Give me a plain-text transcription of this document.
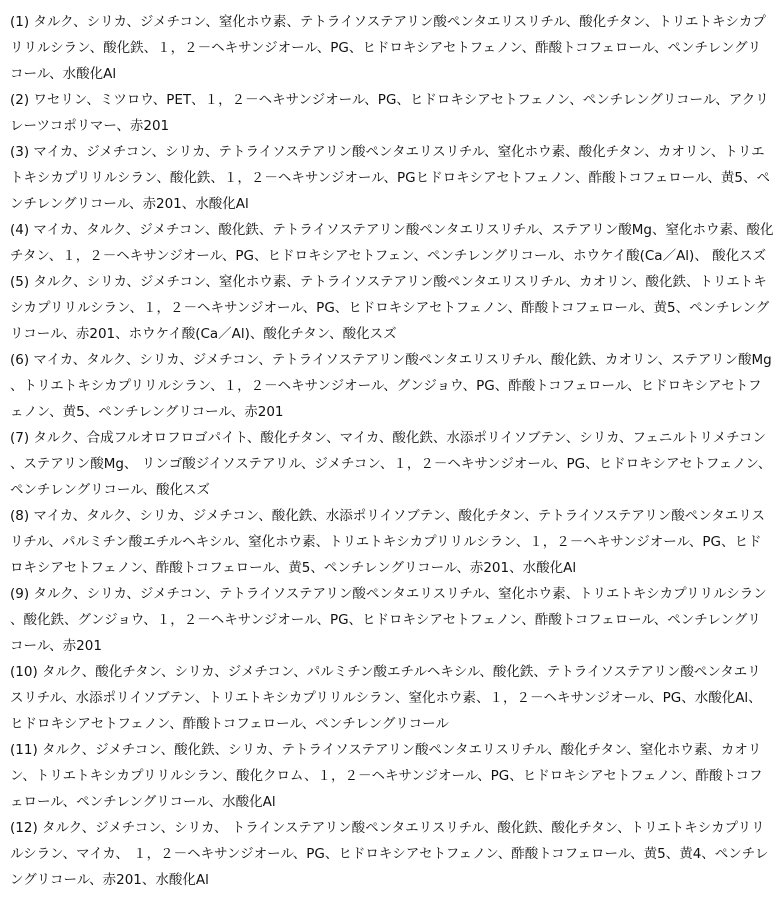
(1) タルク、シリカ、ジメチコン、窒化ホウ素、テトライソステアリン酸ペンタエリスリチル、酸化チタン、トリエトキシカプリリルシラン、酸化鉄、１，２－ヘキサンジオール、PG、ヒドロキシアセトフェノン、酢酸トコフェロール、ペンチレングリコール、水酸化Al

(2) ワセリン、ミツロウ、PET、１，２－ヘキサンジオール、PG、ヒドロキシアセトフェノン、ペンチレングリコール、アクリレーツコポリマー、赤201

(3) マイカ、ジメチコン、シリカ、テトライソステアリン酸ペンタエリスリチル、窒化ホウ素、酸化チタン、カオリン、トリエトキシカプリリルシラン、酸化鉄、１，２－ヘキサンジオール、PGヒドロキシアセトフェノン、酢酸トコフェロール、黄5、ペンチレングリコール、赤201、水酸化Al

(4) マイカ、タルク、ジメチコン、酸化鉄、テトライソステアリン酸ペンタエリスリチル、ステアリン酸Mg、窒化ホウ素、酸化チタン、１，２－ヘキサンジオール、PG、ヒドロキシアセトフェン、ペンチレングリコール、ホウケイ酸(Ca／Al)、 酸化スズ

(5) タルク、シリカ、ジメチコン、窒化ホウ素、テトライソステアリン酸ペンタエリスリチル、カオリン、酸化鉄、トリエトキシカプリリルシラン、１，２－ヘキサンジオール、PG、ヒドロキシアセトフェノン、酢酸トコフェロール、黄5、ペンチレングリコール、赤201、ホウケイ酸(Ca／Al)、酸化チタン、酸化スズ

(6) マイカ、タルク、シリカ、ジメチコン、テトライソステアリン酸ペンタエリスリチル、酸化鉄、カオリン、ステアリン酸Mg、トリエトキシカプリリルシラン、１，２－ヘキサンジオール、グンジョウ、PG、酢酸トコフェロール、ヒドロキシアセトフェノン、黄5、ペンチレングリコール、赤201

(7) タルク、合成フルオロフロゴパイト、酸化チタン、マイカ、酸化鉄、水添ポリイソブテン、シリカ、フェニルトリメチコン、ステアリン酸Mg、 リンゴ酸ジイソステアリル、ジメチコン、１，２－ヘキサンジオール、PG、ヒドロキシアセトフェノン、ペンチレングリコール、酸化スズ

(8) マイカ、タルク、シリカ、ジメチコン、酸化鉄、水添ポリイソブテン、酸化チタン、テトライソステアリン酸ペンタエリスリチル、パルミチン酸エチルヘキシル、窒化ホウ素、トリエトキシカプリリルシラン、１，２－ヘキサンジオール、PG、ヒドロキシアセトフェノン、酢酸トコフェロール、黄5、ペンチレングリコール、赤201、水酸化Al

(9) タルク、シリカ、ジメチコン、テトライソステアリン酸ペンタエリスリチル、窒化ホウ素、トリエトキシカプリリルシラン、酸化鉄、グンジョウ、１，２－ヘキサンジオール、PG、ヒドロキシアセトフェノン、酢酸トコフェロール、ペンチレングリコール、赤201

(10) タルク、酸化チタン、シリカ、ジメチコン、パルミチン酸エチルヘキシル、酸化鉄、テトライソステアリン酸ペンタエリスリチル、水添ポリイソブテン、トリエトキシカプリリルシラン、窒化ホウ素、１，２－ヘキサンジオール、PG、水酸化Al、ヒドロキシアセトフェノン、酢酸トコフェロール、ペンチレングリコール

(11) タルク、ジメチコン、酸化鉄、シリカ、テトライソステアリン酸ペンタエリスリチル、酸化チタン、窒化ホウ素、カオリン、トリエトキシカプリリルシラン、酸化クロム、１，２－ヘキサンジオール、PG、ヒドロキシアセトフェノン、酢酸トコフェロール、ペンチレングリコール、水酸化Al

(12) タルク、ジメチコン、シリカ、 トラインステアリン酸ペンタエリスリチル、酸化鉄、酸化チタン、トリエトキシカプリリルシラン、マイカ、 １，２－ヘキサンジオール、PG、ヒドロキシアセトフェノン、酢酸トコフェロール、黄5、黄4、ペンチレングリコール、赤201、水酸化Al
